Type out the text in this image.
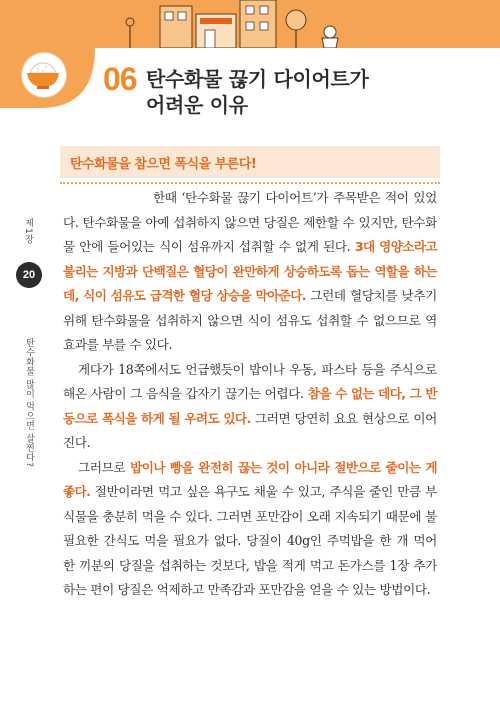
06 탄수화물 끊기 다이어트가
어려운 이유
탄수화물을 참으면 폭식을 부른다!
제1장
20
탄수화물 많이 먹으면 살찐다?

한때 ‘탄수화물 끊기 다이어트’가 주목받은 적이 있었다. 탄수화물을 아예 섭취하지 않으면 당질은 제한할 수 있지만, 탄수화물 안에 들어있는 식이 섬유까지 섭취할 수 없게 된다. 3대 영양소라고 불리는 지방과 단백질은 혈당이 완만하게 상승하도록 돕는 역할을 하는데, 식이 섬유도 급격한 혈당 상승을 막아준다. 그런데 혈당치를 낮추기 위해 탄수화물을 섭취하지 않으면 식이 섬유도 섭취할 수 없으므로 역효과를 부를 수 있다.

게다가 18쪽에서도 언급했듯이 밥이나 우동, 파스타 등을 주식으로 해온 사람이 그 음식을 갑자기 끊기는 어렵다. 참을 수 없는 데다, 그 반동으로 폭식을 하게 될 우려도 있다. 그러면 당연히 요요 현상으로 이어진다.

그러므로 밥이나 빵을 완전히 끊는 것이 아니라 절반으로 줄이는 게 좋다. 절반이라면 먹고 싶은 욕구도 채울 수 있고, 주식을 줄인 만큼 부식물을 충분히 먹을 수 있다. 그러면 포만감이 오래 지속되기 때문에 불필요한 간식도 먹을 필요가 없다. 당질이 40g인 주먹밥을 한 개 먹어 한 끼분의 당질을 섭취하는 것보다, 밥을 적게 먹고 돈가스를 1장 추가하는 편이 당질은 억제하고 만족감과 포만감을 얻을 수 있는 방법이다.
